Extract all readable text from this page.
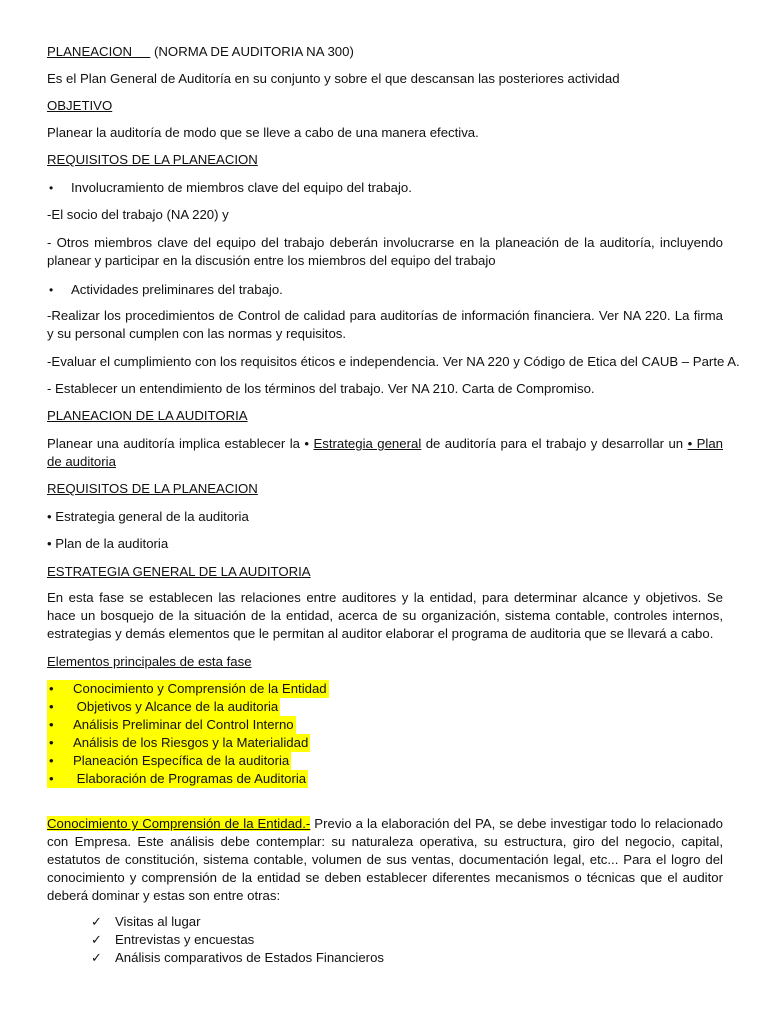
PLANEACION (NORMA DE AUDITORIA NA 300)
Es el Plan General de Auditoría en su conjunto y sobre el que descansan las posteriores actividad
OBJETIVO
Planear la auditoría de modo que se lleve a cabo de una manera efectiva.
REQUISITOS DE LA PLANEACION
• Involucramiento de miembros clave del equipo del trabajo.
-El socio del trabajo (NA 220) y
- Otros miembros clave del equipo del trabajo deberán involucrarse en la planeación de la auditoría, incluyendo planear y participar en la discusión entre los miembros del equipo del trabajo
• Actividades preliminares del trabajo.
-Realizar los procedimientos de Control de calidad para auditorías de información financiera. Ver NA 220. La firma y su personal cumplen con las normas y requisitos.
-Evaluar el cumplimiento con los requisitos éticos e independencia. Ver NA 220 y Código de Etica del CAUB – Parte A.
- Establecer un entendimiento de los términos del trabajo. Ver NA 210. Carta de Compromiso.
PLANEACION DE LA AUDITORIA
Planear una auditoría implica establecer la • Estrategia general de auditoría para el trabajo y desarrollar un • Plan de auditoria
REQUISITOS DE LA PLANEACION
• Estrategia general de la auditoria
• Plan de la auditoria
ESTRATEGIA GENERAL DE LA AUDITORIA
En esta fase se establecen las relaciones entre auditores y la entidad, para determinar alcance y objetivos. Se hace un bosquejo de la situación de la entidad, acerca de su organización, sistema contable, controles internos, estrategias y demás elementos que le permitan al auditor elaborar el programa de auditoria que se llevará a cabo.
Elementos principales de esta fase
• Conocimiento y Comprensión de la Entidad
• Objetivos y Alcance de la auditoria
• Análisis Preliminar del Control Interno
• Análisis de los Riesgos y la Materialidad
• Planeación Específica de la auditoria
• Elaboración de Programas de Auditoria
Conocimiento y Comprensión de la Entidad.- Previo a la elaboración del PA, se debe investigar todo lo relacionado con Empresa. Este análisis debe contemplar: su naturaleza operativa, su estructura, giro del negocio, capital, estatutos de constitución, sistema contable, volumen de sus ventas, documentación legal, etc... Para el logro del conocimiento y comprensión de la entidad se deben establecer diferentes mecanismos o técnicas que el auditor deberá dominar y estas son entre otras:
✓ Visitas al lugar
✓ Entrevistas y encuestas
✓ Análisis comparativos de Estados Financieros
